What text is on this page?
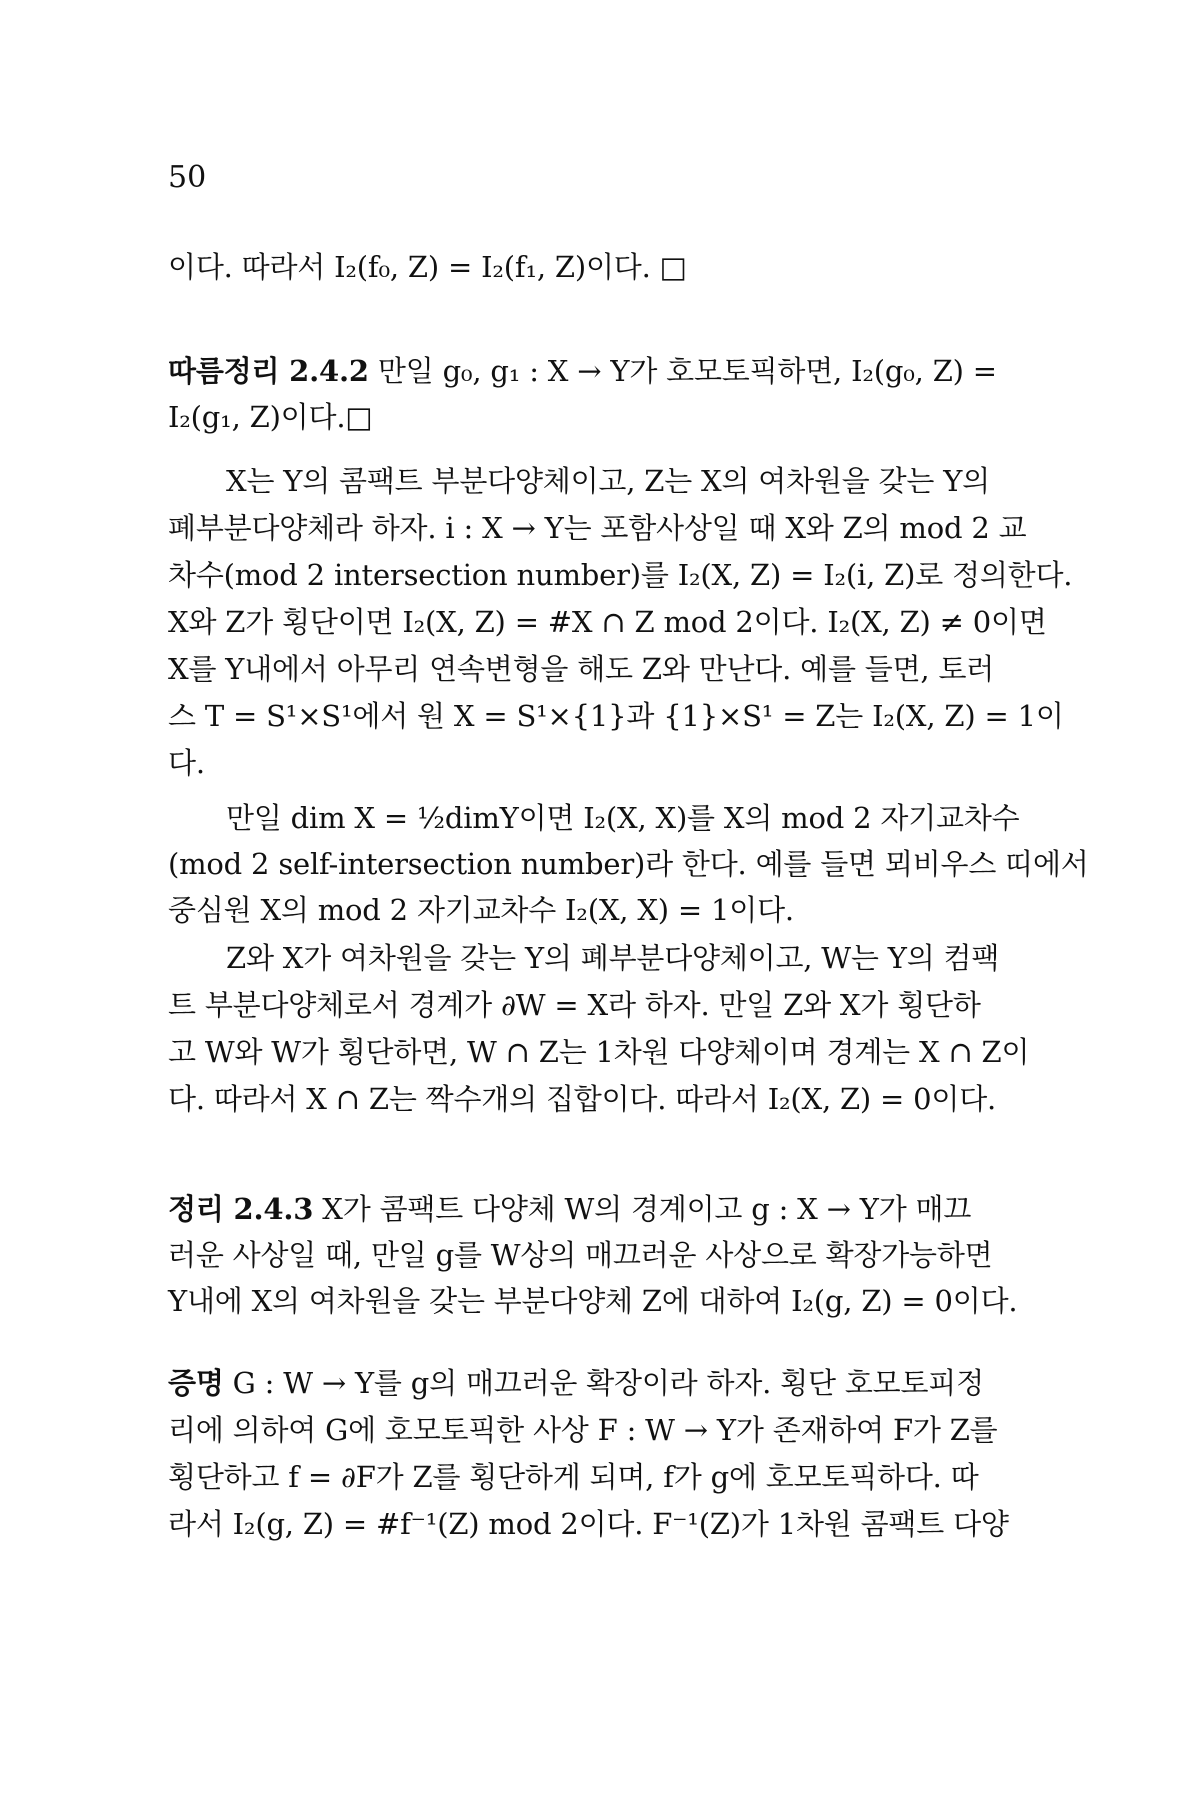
50
이다. 따라서 I₂(f₀, Z) = I₂(f₁, Z)이다. □
따름정리 2.4.2 만일 g₀, g₁ : X → Y가 호모토픽하면, I₂(g₀, Z) =
I₂(g₁, Z)이다.□
X는 Y의 콤팩트 부분다양체이고, Z는 X의 여차원을 갖는 Y의
폐부분다양체라 하자. i : X → Y는 포함사상일 때 X와 Z의 mod 2 교
차수(mod 2 intersection number)를 I₂(X, Z) = I₂(i, Z)로 정의한다.
X와 Z가 횡단이면 I₂(X, Z) = #X ∩ Z mod 2이다. I₂(X, Z) ≠ 0이면
X를 Y내에서 아무리 연속변형을 해도 Z와 만난다. 예를 들면, 토러
스 T = S¹×S¹에서 원 X = S¹×{1}과 {1}×S¹ = Z는 I₂(X, Z) = 1이
다.
만일 dim X = ½dimY이면 I₂(X, X)를 X의 mod 2 자기교차수
(mod 2 self-intersection number)라 한다. 예를 들면 뫼비우스 띠에서
중심원 X의 mod 2 자기교차수 I₂(X, X) = 1이다.
Z와 X가 여차원을 갖는 Y의 폐부분다양체이고, W는 Y의 컴팩
트 부분다양체로서 경계가 ∂W = X라 하자. 만일 Z와 X가 횡단하
고 W와 W가 횡단하면, W ∩ Z는 1차원 다양체이며 경계는 X ∩ Z이
다. 따라서 X ∩ Z는 짝수개의 집합이다. 따라서 I₂(X, Z) = 0이다.
정리 2.4.3 X가 콤팩트 다양체 W의 경계이고 g : X → Y가 매끄
러운 사상일 때, 만일 g를 W상의 매끄러운 사상으로 확장가능하면
Y내에 X의 여차원을 갖는 부분다양체 Z에 대하여 I₂(g, Z) = 0이다.
증명 G : W → Y를 g의 매끄러운 확장이라 하자. 횡단 호모토피정
리에 의하여 G에 호모토픽한 사상 F : W → Y가 존재하여 F가 Z를
횡단하고 f = ∂F가 Z를 횡단하게 되며, f가 g에 호모토픽하다. 따
라서 I₂(g, Z) = #f⁻¹(Z) mod 2이다. F⁻¹(Z)가 1차원 콤팩트 다양
